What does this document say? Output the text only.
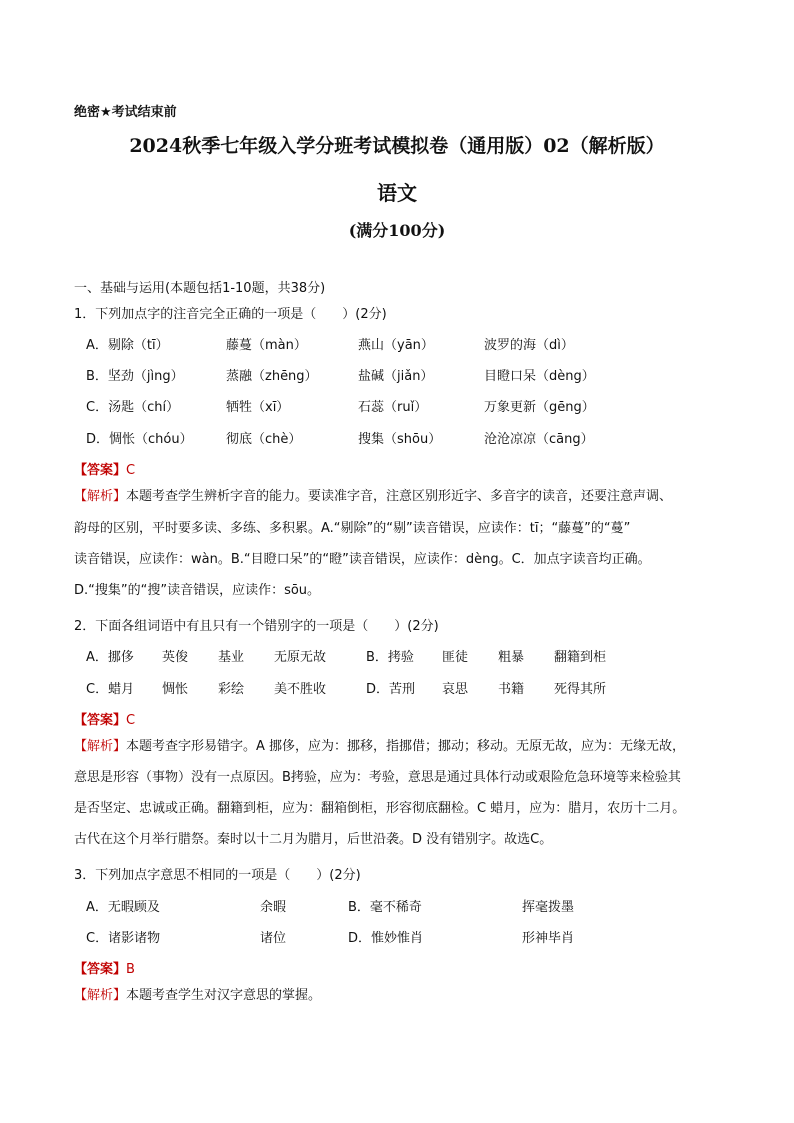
绝密★考试结束前
2024秋季七年级入学分班考试模拟卷（通用版）02（解析版）
语文
(满分100分)
一、基础与运用(本题包括1-10题，共38分)
1．下列加点字的注音完全正确的一项是（　　）(2分)
A．剔除（tī）	藤蔓（màn）	燕山（yān）	波罗的海（dì）
B．坚劲（jìng）	蒸融（zhēng）	盐碱（jiǎn）	目瞪口呆（dèng）
C．汤匙（chí）	牺牲（xī）	石蕊（ruǐ）	万象更新（gēng）
D．惆怅（chóu）	彻底（chè）	搜集（shōu）	沧沧凉凉（cāng）
【答案】C
【解析】本题考查学生辨析字音的能力。要读准字音，注意区别形近字、多音字的读音，还要注意声调、
韵母的区别，平时要多读、多练、多积累。A.“剔除”的“剔”读音错误，应读作：tī；“藤蔓”的“蔓”
读音错误，应读作：wàn。B.“目瞪口呆”的“瞪”读音错误，应读作：dèng。C．加点字读音均正确。
D.“搜集”的“搜”读音错误，应读作：sōu。
2．下面各组词语中有且只有一个错别字的一项是（　　）(2分)
A．挪侈 英俊 基业 无原无故	B．拷验 匪徒 粗暴 翻籍到柜
C．蜡月 惆怅 彩绘 美不胜收	D．苦刑 哀思 书籍 死得其所
【答案】C
【解析】本题考查字形易错字。A 挪侈，应为：挪移，指挪借；挪动；移动。无原无故，应为：无缘无故，
意思是形容（事物）没有一点原因。B拷验，应为：考验，意思是通过具体行动或艰险危急环境等来检验其
是否坚定、忠诚或正确。翻籍到柜，应为：翻箱倒柜，形容彻底翻检。C 蜡月，应为：腊月，农历十二月。
古代在这个月举行腊祭。秦时以十二月为腊月，后世沿袭。D 没有错别字。故选C。
3．下列加点字意思不相同的一项是（　　）(2分)
A．无暇顾及	余暇	B．毫不稀奇	挥毫拨墨
C．诸影诸物	诸位	D．惟妙惟肖	形神毕肖
【答案】B
【解析】本题考查学生对汉字意思的掌握。
